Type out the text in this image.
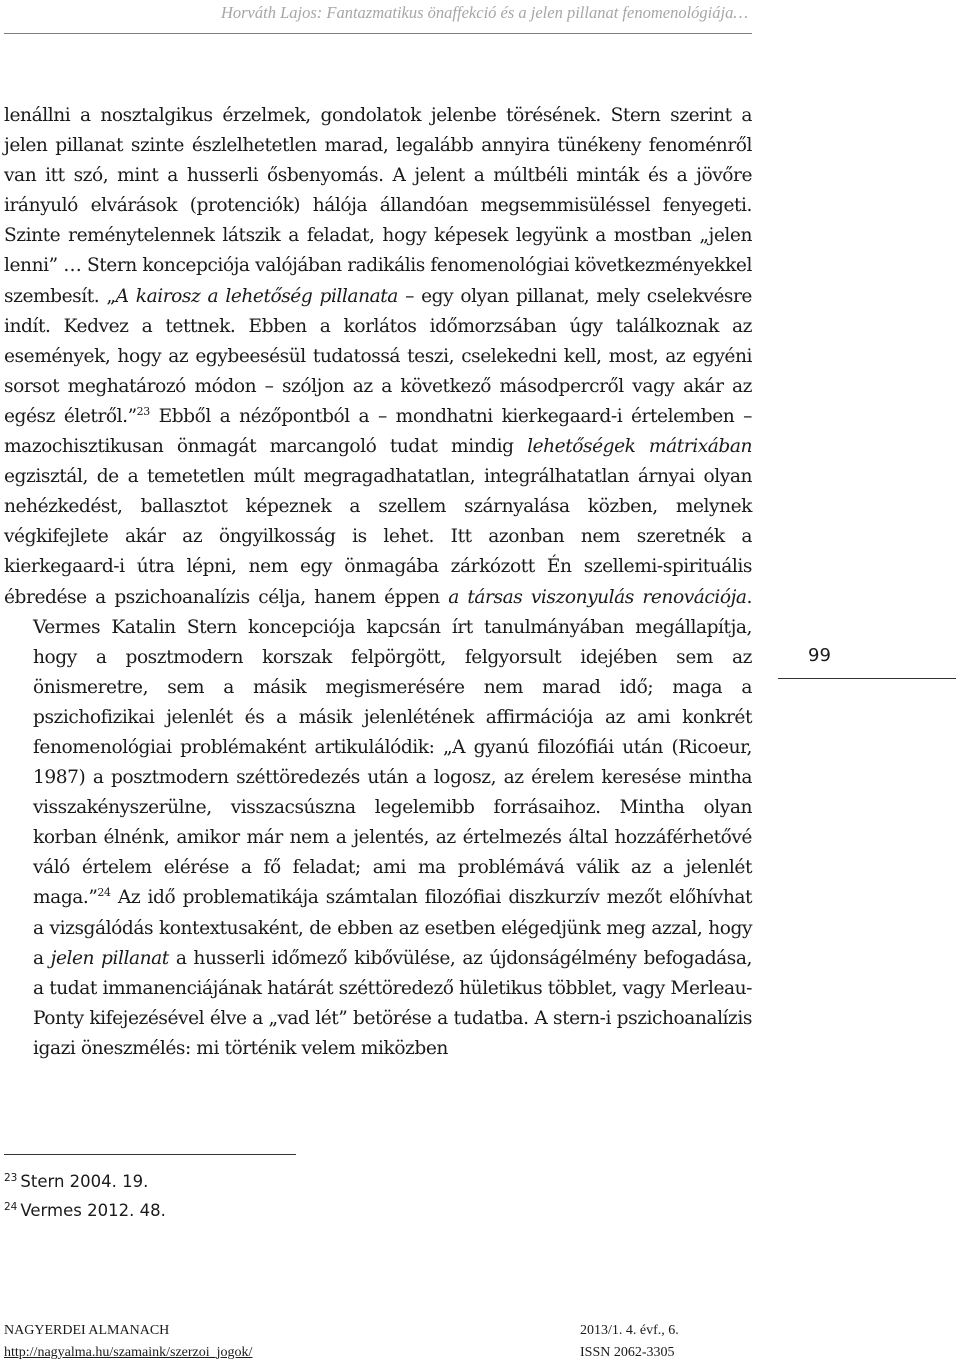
Horváth Lajos: Fantazmatikus önaffekció és a jelen pillanat fenomenológiája…

lenállni a nosztalgikus érzelmek, gondolatok jelenbe törésének. Stern szerint a jelen pillanat szinte észlelhetetlen marad, legalább annyira tünékeny fenoménről van itt szó, mint a husserli ősbenyomás. A jelent a múltbéli minták és a jövőre irányuló elvárások (protenciók) hálója állandóan megsemmisüléssel fenyegeti. Szinte reménytelennek látszik a feladat, hogy képesek legyünk a mostban „jelen lenni” … Stern koncepciója valójában radikális fenomenológiai következményekkel szembesít. „A kairosz a lehetőség pillanata – egy olyan pillanat, mely cselekvésre indít. Kedvez a tettnek. Ebben a korlátos időmorzsában úgy találkoznak az események, hogy az egybeesésül tudatossá teszi, cselekedni kell, most, az egyéni sorsot meghatározó módon – szóljon az a következő másodpercről vagy akár az egész életről.”$^{23}$ Ebből a nézőpontból a – mondhatni kierkegaard-i értelemben – mazochisztikusan önmagát marcangoló tudat mindig lehetőségek mátrixában egzisztál, de a temetetlen múlt megragadhatatlan, integrálhatatlan árnyai olyan nehézkedést, ballasztot képeznek a szellem szárnyalása közben, melynek végkifejlete akár az öngyilkosság is lehet. Itt azonban nem szeretnék a kierkegaard-i útra lépni, nem egy önmagába zárkózott Én szellemi-spirituális ébredése a pszichoanalízis célja, hanem éppen a társas viszonyulás renovációja.

Vermes Katalin Stern koncepciója kapcsán írt tanulmányában megállapítja, hogy a posztmodern korszak felpörgött, felgyorsult idejében sem az önismeretre, sem a másik megismerésére nem marad idő; maga a pszichofizikai jelenlét és a másik jelenlétének affirmációja az ami konkrét fenomenológiai problémaként artikulálódik: „A gyanú filozófiái után (Ricoeur, 1987) a posztmodern széttöredezés után a logosz, az érelem keresése mintha visszakényszerülne, visszacsúszna legelemibb forrásaihoz. Mintha olyan korban élnénk, amikor már nem a jelentés, az értelmezés által hozzáférhetővé váló értelem elérése a fő feladat; ami ma problémává válik az a jelenlét maga.”$^{24}$ Az idő problematikája számtalan filozófiai diszkurzív mezőt előhívhat a vizsgálódás kontextusaként, de ebben az esetben elégedjünk meg azzal, hogy a jelen pillanat a husserli időmező kibővülése, az újdonságélmény befogadása, a tudat immanenciájának határát széttöredező hületikus többlet, vagy Merleau-Ponty kifejezésével élve a „vad lét” betörése a tudatba. A stern-i pszichoanalízis igazi öneszmélés: mi történik velem miközben

99
$^{23}$ Stern 2004. 19.
$^{24}$ Vermes 2012. 48.
NAGYERDEI ALMANACH	2013/1. 4. évf., 6.
http://nagyalma.hu/szamaink/szerzoi_jogok/	ISSN 2062-3305
